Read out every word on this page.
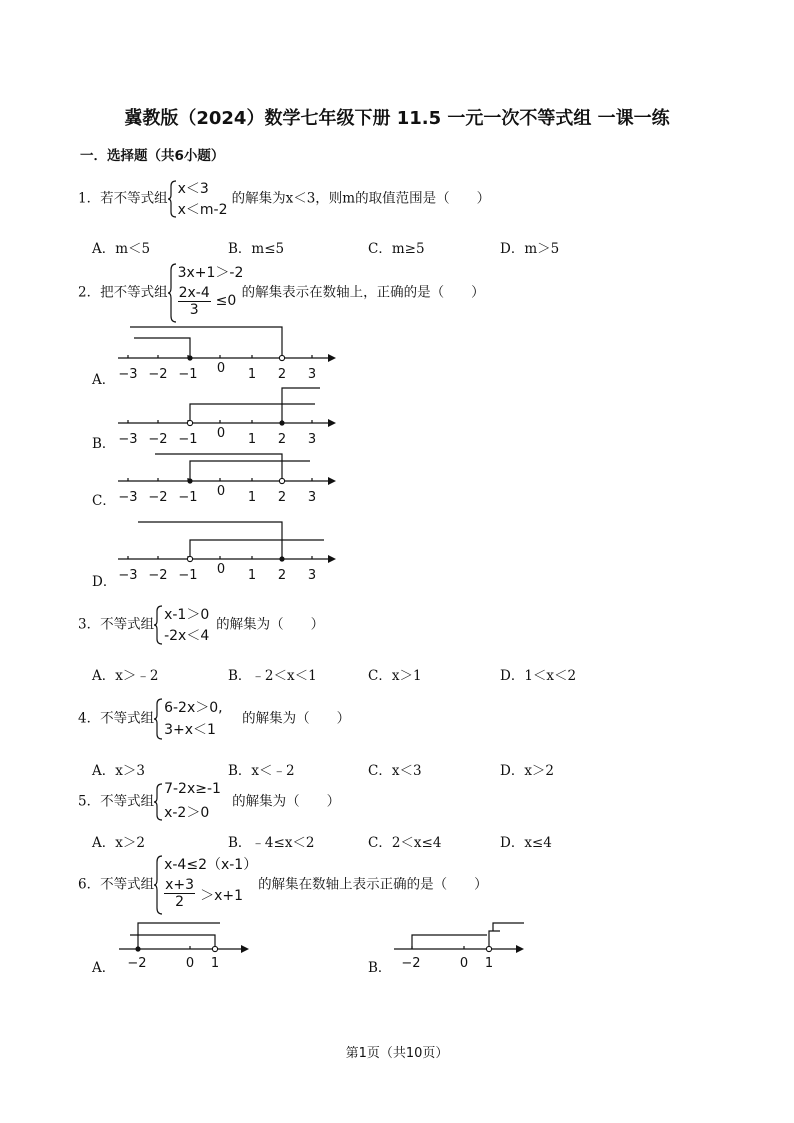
冀教版（2024）数学七年级下册 11.5 一元一次不等式组 一课一练
一．选择题（共6小题）
1．若不等式组
x＜3
x＜m-2
的解集为x＜3，则m的取值范围是（　　）
A．m＜5	B．m≤5	C．m≥5	D．m＞5
2．把不等式组
3x+1＞-2
$\frac{2x-4}{3} \le 0$
的解集表示在数轴上，正确的是（　　）
A． −3 −2 −1 0 1 2 3
B． −3 −2 −1 0 1 2 3
C． −3 −2 −1 0 1 2 3
D． −3 −2 −1 0 1 2 3
3．不等式组
x-1＞0
-2x＜4
的解集为（　　）
A．x＞﹣2	B．﹣2＜x＜1	C．x＞1	D．1＜x＜2
4．不等式组
6-2x＞0,
3+x＜1
的解集为（　　）
A．x＞3	B．x＜﹣2	C．x＜3	D．x＞2
5．不等式组
7-2x≥-1
x-2＞0
的解集为（　　）
A．x＞2	B．﹣4≤x＜2	C．2＜x≤4	D．x≤4
6．不等式组
x-4≤2（x-1）
$\frac{x+3}{2} >x+1$
的解集在数轴上表示正确的是（　　）
A． −2	0 1	B． −2	0 1
第1页（共10页）
